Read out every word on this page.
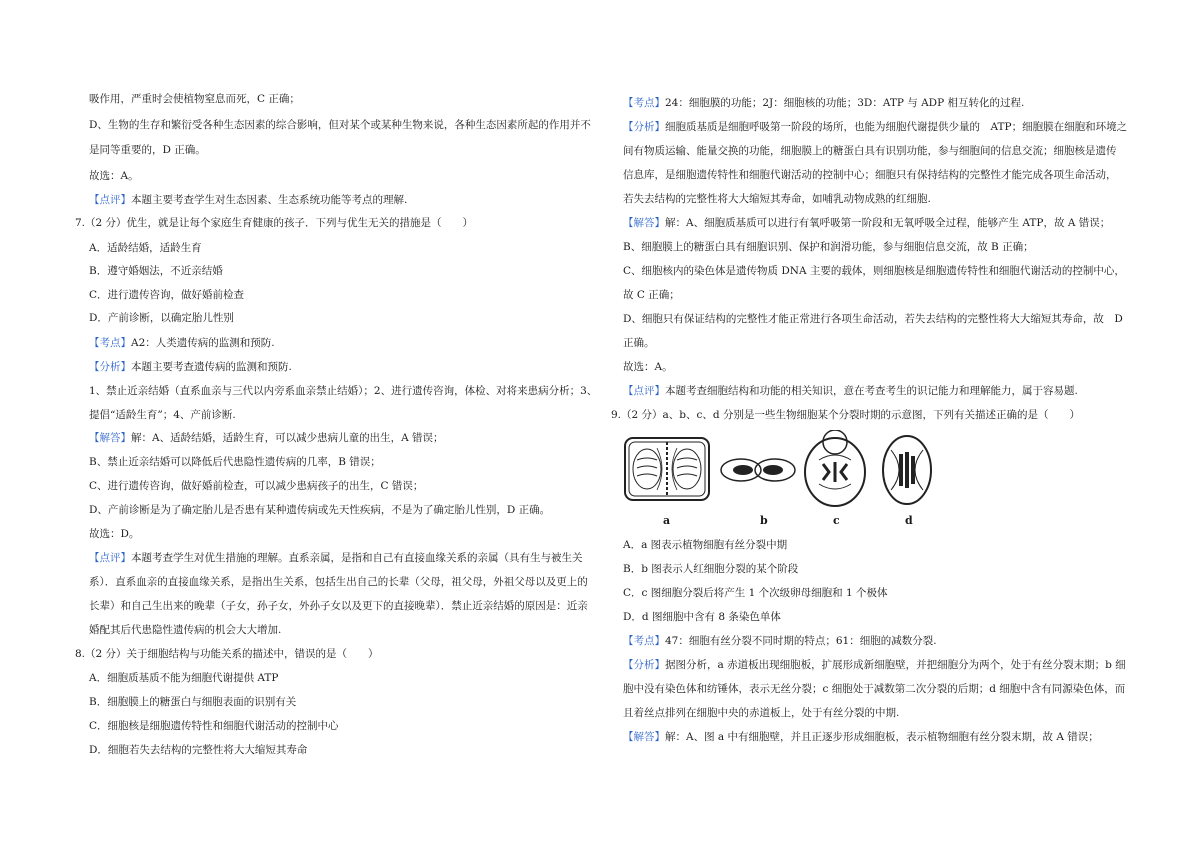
吸作用，严重时会使植物窒息而死，C 正确；
D、生物的生存和繁衍受各种生态因素的综合影响，但对某个或某种生物来说，各种生态因素所起的作用并不
是同等重要的，D 正确。
故选：A。
【点评】本题主要考查学生对生态因素、生态系统功能等考点的理解.
7.（2 分）优生，就是让每个家庭生育健康的孩子．下列与优生无关的措施是（　　）
A．适龄结婚，适龄生育
B．遵守婚姻法，不近亲结婚
C．进行遗传咨询，做好婚前检查
D．产前诊断，以确定胎儿性别
【考点】A2：人类遗传病的监测和预防.
【分析】本题主要考查遗传病的监测和预防.
1、禁止近亲结婚（直系血亲与三代以内旁系血亲禁止结婚）；2、进行遗传咨询，体检、对将来患病分析；3、
提倡“适龄生育”；4、产前诊断.
【解答】解：A、适龄结婚，适龄生育，可以减少患病儿童的出生，A 错误；
B、禁止近亲结婚可以降低后代患隐性遗传病的几率，B 错误；
C、进行遗传咨询，做好婚前检查，可以减少患病孩子的出生，C 错误；
D、产前诊断是为了确定胎儿是否患有某种遗传病或先天性疾病，不是为了确定胎儿性别，D 正确。
故选：D。
【点评】本题考查学生对优生措施的理解。直系亲属，是指和自己有直接血缘关系的亲属（具有生与被生关
系）．直系血亲的直接血缘关系，是指出生关系，包括生出自己的长辈（父母，祖父母，外祖父母以及更上的
长辈）和自己生出来的晚辈（子女，孙子女，外孙子女以及更下的直接晚辈）．禁止近亲结婚的原因是：近亲
婚配其后代患隐性遗传病的机会大大增加.
8.（2 分）关于细胞结构与功能关系的描述中，错误的是（　　）
A．细胞质基质不能为细胞代谢提供 ATP
B．细胞膜上的糖蛋白与细胞表面的识别有关
C．细胞核是细胞遗传特性和细胞代谢活动的控制中心
D．细胞若失去结构的完整性将大大缩短其寿命
【考点】24：细胞膜的功能；2J：细胞核的功能；3D：ATP 与 ADP 相互转化的过程.
【分析】细胞质基质是细胞呼吸第一阶段的场所，也能为细胞代谢提供少量的　ATP；细胞膜在细胞和环境之
间有物质运输、能量交换的功能，细胞膜上的糖蛋白具有识别功能，参与细胞间的信息交流；细胞核是遗传
信息库，是细胞遗传特性和细胞代谢活动的控制中心；细胞只有保持结构的完整性才能完成各项生命活动，
若失去结构的完整性将大大缩短其寿命，如哺乳动物成熟的红细胞.
【解答】解：A、细胞质基质可以进行有氧呼吸第一阶段和无氧呼吸全过程，能够产生 ATP，故 A 错误；
B、细胞膜上的糖蛋白具有细胞识别、保护和润滑功能，参与细胞信息交流，故 B 正确；
C、细胞核内的染色体是遗传物质 DNA 主要的载体，则细胞核是细胞遗传特性和细胞代谢活动的控制中心，
故 C 正确；
D、细胞只有保证结构的完整性才能正常进行各项生命活动，若失去结构的完整性将大大缩短其寿命，故　D
正确。
故选：A。
【点评】本题考查细胞结构和功能的相关知识，意在考查考生的识记能力和理解能力，属于容易题.
9.（2 分）a、b、c、d 分别是一些生物细胞某个分裂时期的示意图，下列有关描述正确的是（　　）
a	b	c	d
A．a 图表示植物细胞有丝分裂中期
B．b 图表示人红细胞分裂的某个阶段
C．c 图细胞分裂后将产生 1 个次级卵母细胞和 1 个极体
D．d 图细胞中含有 8 条染色单体
【考点】47：细胞有丝分裂不同时期的特点；61：细胞的减数分裂.
【分析】据图分析，a 赤道板出现细胞板，扩展形成新细胞壁，并把细胞分为两个，处于有丝分裂末期；b 细
胞中没有染色体和纺锤体，表示无丝分裂；c 细胞处于减数第二次分裂的后期；d 细胞中含有同源染色体，而
且着丝点排列在细胞中央的赤道板上，处于有丝分裂的中期.
【解答】解：A、图 a 中有细胞壁，并且正逐步形成细胞板，表示植物细胞有丝分裂末期，故 A 错误；
